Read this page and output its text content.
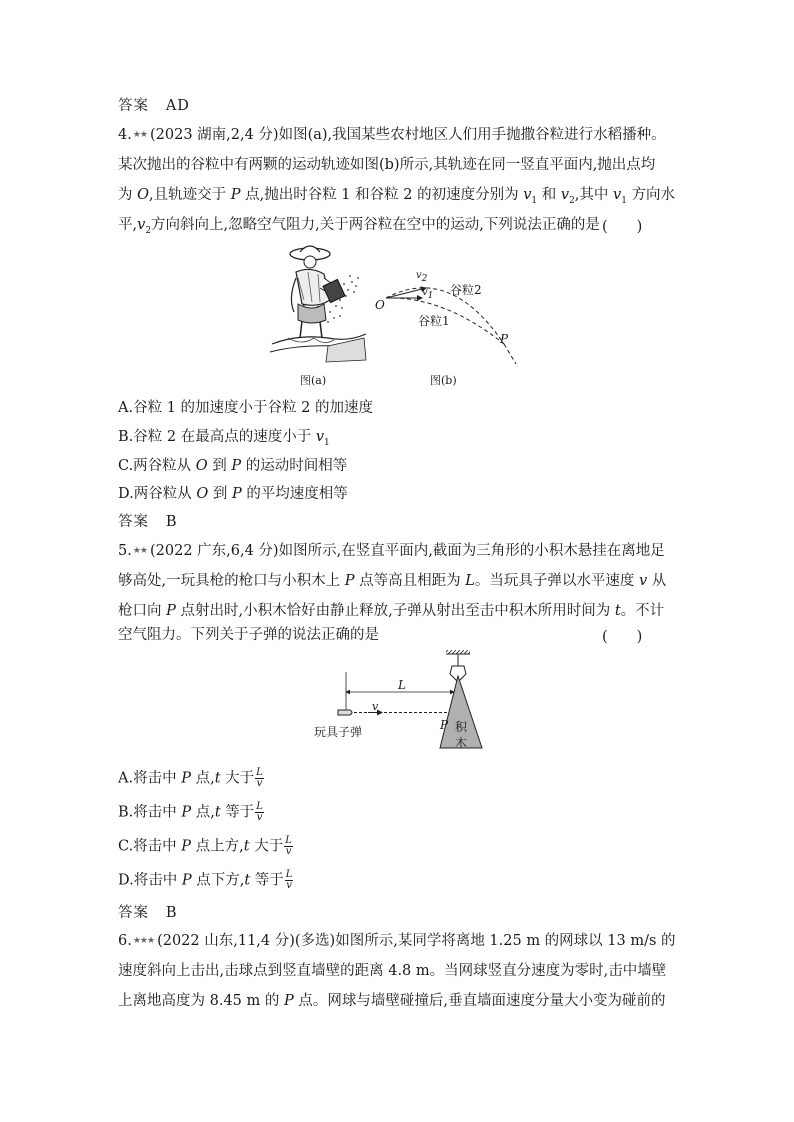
答案 AD
4.★★ (2023 湖南,2,4 分)如图(a),我国某些农村地区人们用手抛撒谷粒进行水稻播种。
某次抛出的谷粒中有两颗的运动轨迹如图(b)所示,其轨迹在同一竖直平面内,抛出点均
为 O,且轨迹交于 P 点,抛出时谷粒 1 和谷粒 2 的初速度分别为 $v_1$ 和 $v_2$,其中 $v_1$ 方向水
平$,v_2$方向斜向上,忽略空气阻力,关于两谷粒在空中的运动,下列说法正确的是 (　　)
图(a)
O
$v_2$
$v_1$ 谷粒2
谷粒1
P
图(b)
A.谷粒 1 的加速度小于谷粒 2 的加速度
B.谷粒 2 在最高点的速度小于 $v_1$
C.两谷粒从 O 到 P 的运动时间相等
D.两谷粒从 O 到 P 的平均速度相等
答案 B
5.★★ (2022 广东,6,4 分)如图所示,在竖直平面内,截面为三角形的小积木悬挂在离地足
够高处,一玩具枪的枪口与小积木上 P 点等高且相距为 L。当玩具子弹以水平速度 v 从
枪口向 P 点射出时,小积木恰好由静止释放,子弹从射出至击中积木所用时间为 t。不计
空气阻力。下列关于子弹的说法正确的是	(　　)
L
v
P 积
木
玩具子弹
A.将击中 P 点,t 大于 $\frac{L}{v}$
B.将击中 P 点,t 等于 $\frac{L}{v}$
C.将击中 P 点上方,t 大于 $\frac{L}{v}$
D.将击中 P 点下方,t 等于 $\frac{L}{v}$
答案 B
6.★★★ (2022 山东,11,4 分)(多选)如图所示,某同学将离地 1.25 m 的网球以 13 m/s 的
速度斜向上击出,击球点到竖直墙壁的距离 4.8 m。当网球竖直分速度为零时,击中墙壁
上离地高度为 8.45 m 的 P 点。网球与墙壁碰撞后,垂直墙面速度分量大小变为碰前的
